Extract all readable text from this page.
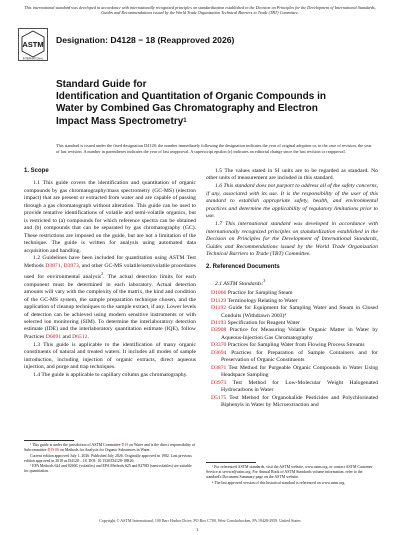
This international standard was developed in accordance with internationally recognized principles on standardization established in the Decision on Principles for the Development of International Standards, Guides and Recommendations issued by the World Trade Organization Technical Barriers to Trade (TBT) Committee.
ASTM
INTERNATIONAL
Designation: D4128 − 18 (Reapproved 2026)
Standard Guide for
Identification and Quantitation of Organic Compounds in
Water by Combined Gas Chromatography and Electron
Impact Mass Spectrometry$^1$
This standard is issued under the fixed designation D4128; the number immediately following the designation indicates the year of original adoption or, in the case of revision, the year of last revision. A number in parentheses indicates the year of last reapproval. A superscript epsilon (ε) indicates an editorial change since the last revision or reapproval.
1. Scope

1.1 This guide covers the identification and quantitation of organic compounds by gas chromatography/mass spectrometry (GC-MS) (electron impact) that are present or extracted from water and are capable of passing through a gas chromatograph without alteration. This guide can be used to provide tentative identifications of volatile and semi-volatile organics, but is restricted to (a) compounds for which reference spectra can be obtained and (b) compounds that can be separated by gas chromatography (GC). These restrictions are imposed on the guide, but are not a limitation of the technique. The guide is written for analysis using automated data acquisition and handling.

1.2 Guidelines have been included for quantitation using ASTM Test Methods D3871, D3973, and other GC-MS volatile/semivolatile procedures used for environmental analysis$^2$. The actual detection limits for each component must be determined in each laboratory. Actual detection amounts will vary with the complexity of the matrix, the kind and condition of the GC-MS system, the sample preparation technique chosen, and the application of cleanup techniques to the sample extract, if any. Lower levels of detection can be achieved using modern sensitive instruments or with selected ion monitoring (SIM). To determine the interlaboratory detection estimate (IDE) and the interlaboratory quantitation estimate (IQE), follow Practices D6091 and D6512.

1.3 This guide is applicable to the identification of many organic constituents of natural and treated waters. It includes all modes of sample introduction, including injection of organic extracts, direct aqueous injection, and purge and trap techniques.

1.4 The guide is applicable to capillary column gas chromatography.

1.5 The values stated in SI units are to be regarded as standard. No other units of measurement are included in this standard.

1.6 This standard does not purport to address all of the safety concerns, if any, associated with its use. It is the responsibility of the user of this standard to establish appropriate safety, health, and environmental practices and determine the applicability of regulatory limitations prior to use.

1.7 This international standard was developed in accordance with internationally recognized principles on standardization established in the Decision on Principles for the Development of International Standards, Guides and Recommendations issued by the World Trade Organization Technical Barriers to Trade (TBT) Committee.

2. Referenced Documents

2.1 ASTM Standards:$^3$

D1066 Practice for Sampling Steam

D1129 Terminology Relating to Water

D1192 Guide for Equipment for Sampling Water and Steam in Closed Conduits (Withdrawn 2003)⁴

D1193 Specification for Reagent Water

D2908 Practice for Measuring Volatile Organic Matter in Water by Aqueous-Injection Gas Chromatography

D3370 Practices for Sampling Water from Flowing Process Streams

D3694 Practices for Preparation of Sample Containers and for Preservation of Organic Constituents

D3871 Test Method for Purgeable Organic Compounds in Water Using Headspace Sampling

D3973 Test Method for Low-Molecular Weight Halogenated Hydrocarbons in Water

D5175 Test Method for Organohalide Pesticides and Polychlorinated Biphenyls in Water by Microextraction and

¹ This guide is under the jurisdiction of ASTM Committee D19 on Water and is the direct responsibility of Subcommittee D19.06 on Methods for Analysis for Organic Substances in Water.

Current edition approved July 1, 2026. Published July 2026. Originally approved in 1982. Last previous edition approved in 2018 as D4128 – 18. DOI: 10.1520/D4128-18R26.

² EPA Methods 624 and 8260C (volatiles) and EPA Methods 625 and 8270D (semivolatiles) are suitable for quantitation.

³ For referenced ASTM standards, visit the ASTM website, www.astm.org, or contact ASTM Customer Service at service@astm.org. For Annual Book of ASTM Standards volume information, refer to the standard's Document Summary page on the ASTM website.

⁴ The last approved version of this historical standard is referenced on www.astm.org.

Copyright © ASTM International, 100 Barr Harbor Drive, PO Box C700, West Conshohocken, PA 19428-2959. United States
1
